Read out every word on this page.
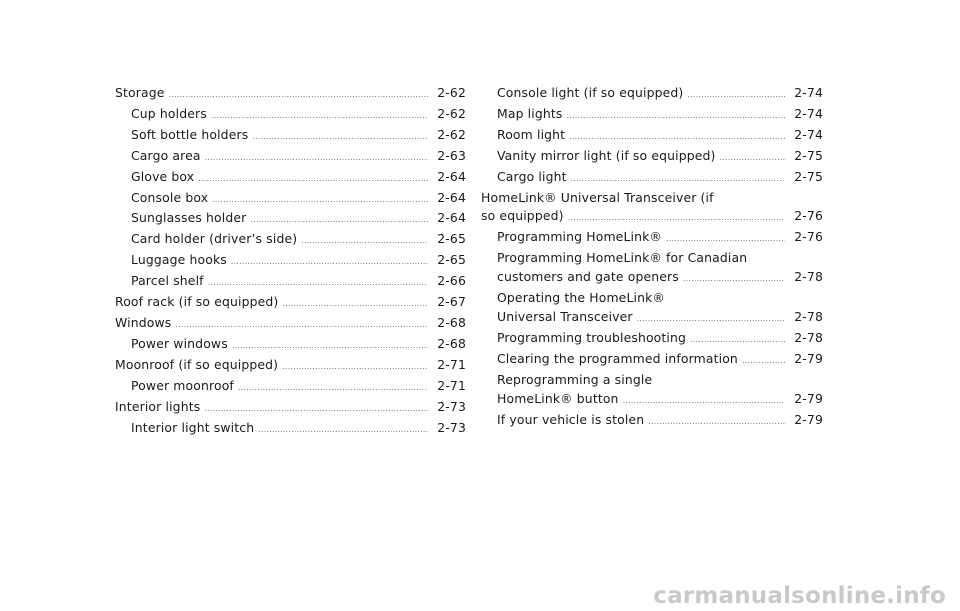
Storage .....	2-62
Cup holders .....	2-62
Soft bottle holders .....	2-62
Cargo area .....	2-63
Glove box .....	2-64
Console box .....	2-64
Sunglasses holder .....	2-64
Card holder (driver’s side) .....	2-65
Luggage hooks .....	2-65
Parcel shelf .....	2-66
Roof rack (if so equipped) .....	2-67
Windows .....	2-68
Power windows .....	2-68
Moonroof (if so equipped) .....	2-71
Power moonroof .....	2-71
Interior lights .....	2-73
Interior light switch .....	2-73
Console light (if so equipped) .....	2-74
Map lights .....	2-74
Room light .....	2-74
Vanity mirror light (if so equipped) .....	2-75
Cargo light .....	2-75
HomeLink® Universal Transceiver (if
so equipped) .....	2-76
Programming HomeLink® .....	2-76
Programming HomeLink® for Canadian
customers and gate openers .....	2-78
Operating the HomeLink®
Universal Transceiver .....	2-78
Programming troubleshooting .....	2-78
Clearing the programmed information .....	2-79
Reprogramming a single
HomeLink® button .....	2-79
If your vehicle is stolen .....	2-79
carmanualsonline.info
